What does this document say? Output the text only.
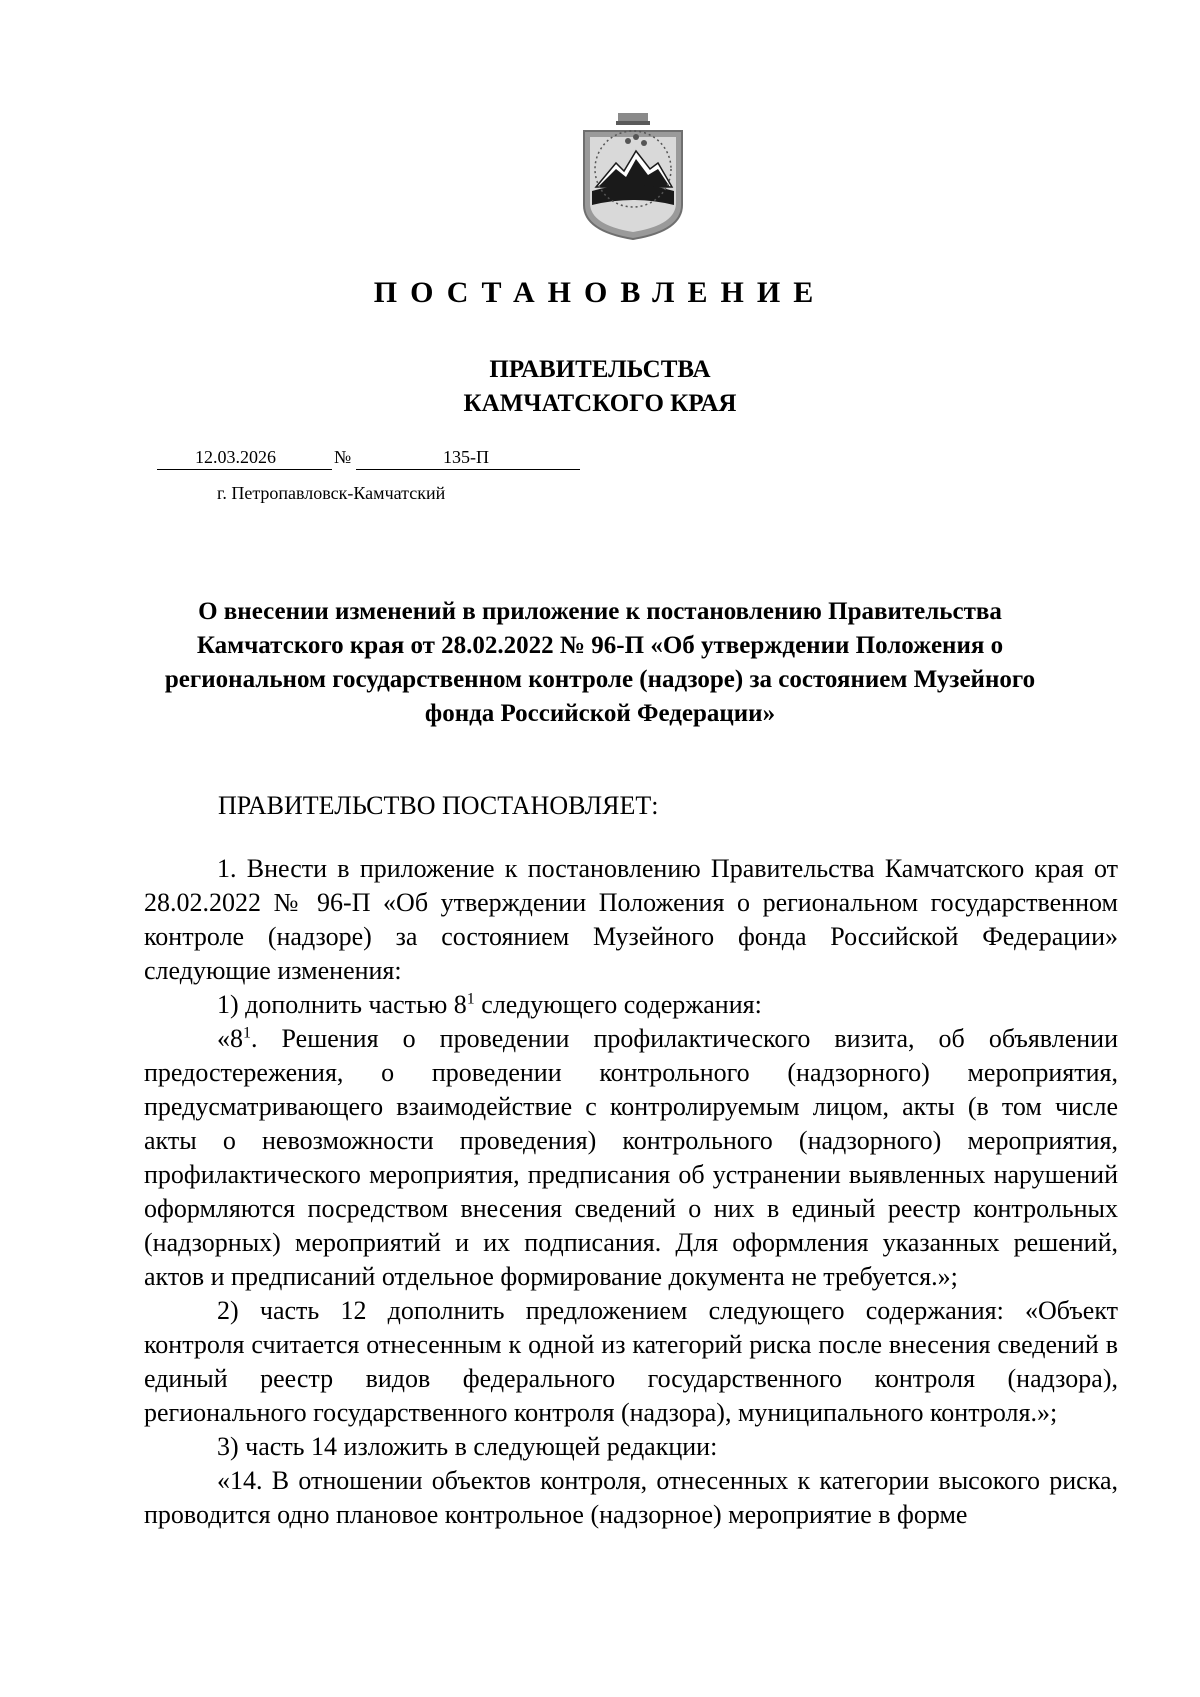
ПОСТАНОВЛЕНИЕ
ПРАВИТЕЛЬСТВА
КАМЧАТСКОГО КРАЯ
12.03.2026	№	135-П
г. Петропавловск-Камчатский
О внесении изменений в приложение к постановлению Правительства Камчатского края от 28.02.2022 № 96-П «Об утверждении Положения о региональном государственном контроле (надзоре) за состоянием Музейного фонда Российской Федерации»
ПРАВИТЕЛЬСТВО ПОСТАНОВЛЯЕТ:

1. Внести в приложение к постановлению Правительства Камчатского края от 28.02.2022 № 96-П «Об утверждении Положения о региональном государственном контроле (надзоре) за состоянием Музейного фонда Российской Федерации» следующие изменения:

1) дополнить частью $8^1$ следующего содержания:

«$8^1$. Решения о проведении профилактического визита, об объявлении предостережения, о проведении контрольного (надзорного) мероприятия, предусматривающего взаимодействие с контролируемым лицом, акты (в том числе акты о невозможности проведения) контрольного (надзорного) мероприятия, профилактического мероприятия, предписания об устранении выявленных нарушений оформляются посредством внесения сведений о них в единый реестр контрольных (надзорных) мероприятий и их подписания. Для оформления указанных решений, актов и предписаний отдельное формирование документа не требуется.»;

2) часть 12 дополнить предложением следующего содержания: «Объект контроля считается отнесенным к одной из категорий риска после внесения сведений в единый реестр видов федерального государственного контроля (надзора), регионального государственного контроля (надзора), муниципального контроля.»;

3) часть 14 изложить в следующей редакции:

«14. В отношении объектов контроля, отнесенных к категории высокого риска, проводится одно плановое контрольное (надзорное) мероприятие в форме
